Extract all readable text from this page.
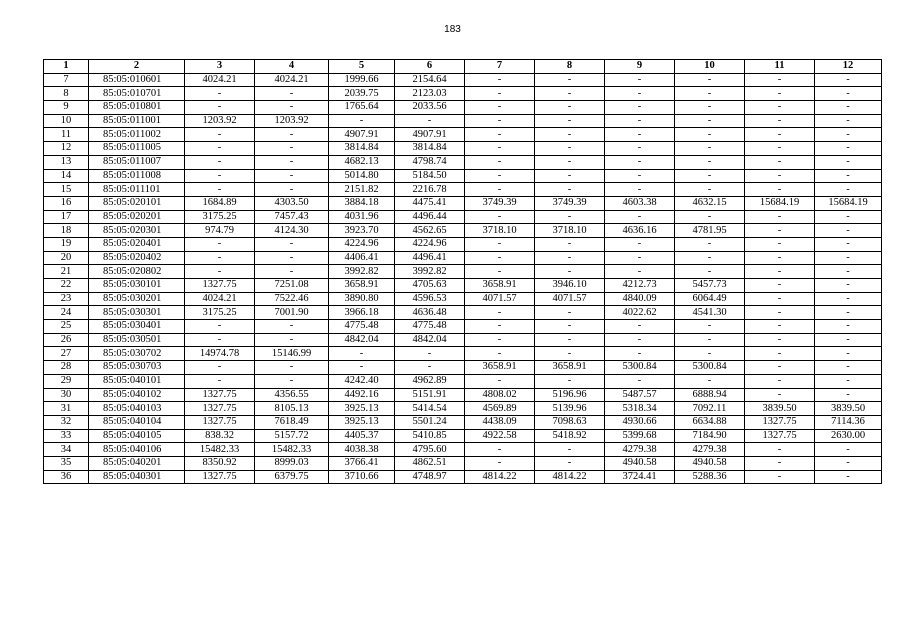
183
1	2	3	4	5	6	7	8	9	10	11	12
7	85:05:010601	4024.21	4024.21	1999.66	2154.64	-	-	-	-	-	-
8	85:05:010701	-	-	2039.75	2123.03	-	-	-	-	-	-
9	85:05:010801	-	-	1765.64	2033.56	-	-	-	-	-	-
10	85:05:011001	1203.92	1203.92	-	-	-	-	-	-	-	-
11	85:05:011002	-	-	4907.91	4907.91	-	-	-	-	-	-
12	85:05:011005	-	-	3814.84	3814.84	-	-	-	-	-	-
13	85:05:011007	-	-	4682.13	4798.74	-	-	-	-	-	-
14	85:05:011008	-	-	5014.80	5184.50	-	-	-	-	-	-
15	85:05:011101	-	-	2151.82	2216.78	-	-	-	-	-	-
16	85:05:020101	1684.89	4303.50	3884.18	4475.41	3749.39	3749.39	4603.38	4632.15	15684.19	15684.19
17	85:05:020201	3175.25	7457.43	4031.96	4496.44	-	-	-	-	-	-
18	85:05:020301	974.79	4124.30	3923.70	4562.65	3718.10	3718.10	4636.16	4781.95	-	-
19	85:05:020401	-	-	4224.96	4224.96	-	-	-	-	-	-
20	85:05:020402	-	-	4406.41	4496.41	-	-	-	-	-	-
21	85:05:020802	-	-	3992.82	3992.82	-	-	-	-	-	-
22	85:05:030101	1327.75	7251.08	3658.91	4705.63	3658.91	3946.10	4212.73	5457.73	-	-
23	85:05:030201	4024.21	7522.46	3890.80	4596.53	4071.57	4071.57	4840.09	6064.49	-	-
24	85:05:030301	3175.25	7001.90	3966.18	4636.48	-	-	4022.62	4541.30	-	-
25	85:05:030401	-	-	4775.48	4775.48	-	-	-	-	-	-
26	85:05:030501	-	-	4842.04	4842.04	-	-	-	-	-	-
27	85:05:030702	14974.78	15146.99	-	-	-	-	-	-	-	-
28	85:05:030703	-	-	-	-	3658.91	3658.91	5300.84	5300.84	-	-
29	85:05:040101	-	-	4242.40	4962.89	-	-	-	-	-	-
30	85:05:040102	1327.75	4356.55	4492.16	5151.91	4808.02	5196.96	5487.57	6888.94	-	-
31	85:05:040103	1327.75	8105.13	3925.13	5414.54	4569.89	5139.96	5318.34	7092.11	3839.50	3839.50
32	85:05:040104	1327.75	7618.49	3925.13	5501.24	4438.09	7098.63	4930.66	6634.88	1327.75	7114.36
33	85:05:040105	838.32	5157.72	4405.37	5410.85	4922.58	5418.92	5399.68	7184.90	1327.75	2630.00
34	85:05:040106	15482.33	15482.33	4038.38	4795.60	-	-	4279.38	4279.38	-	-
35	85:05:040201	8350.92	8999.03	3766.41	4862.51	-	-	4940.58	4940.58	-	-
36	85:05:040301	1327.75	6379.75	3710.66	4748.97	4814.22	4814.22	3724.41	5288.36	-	-
